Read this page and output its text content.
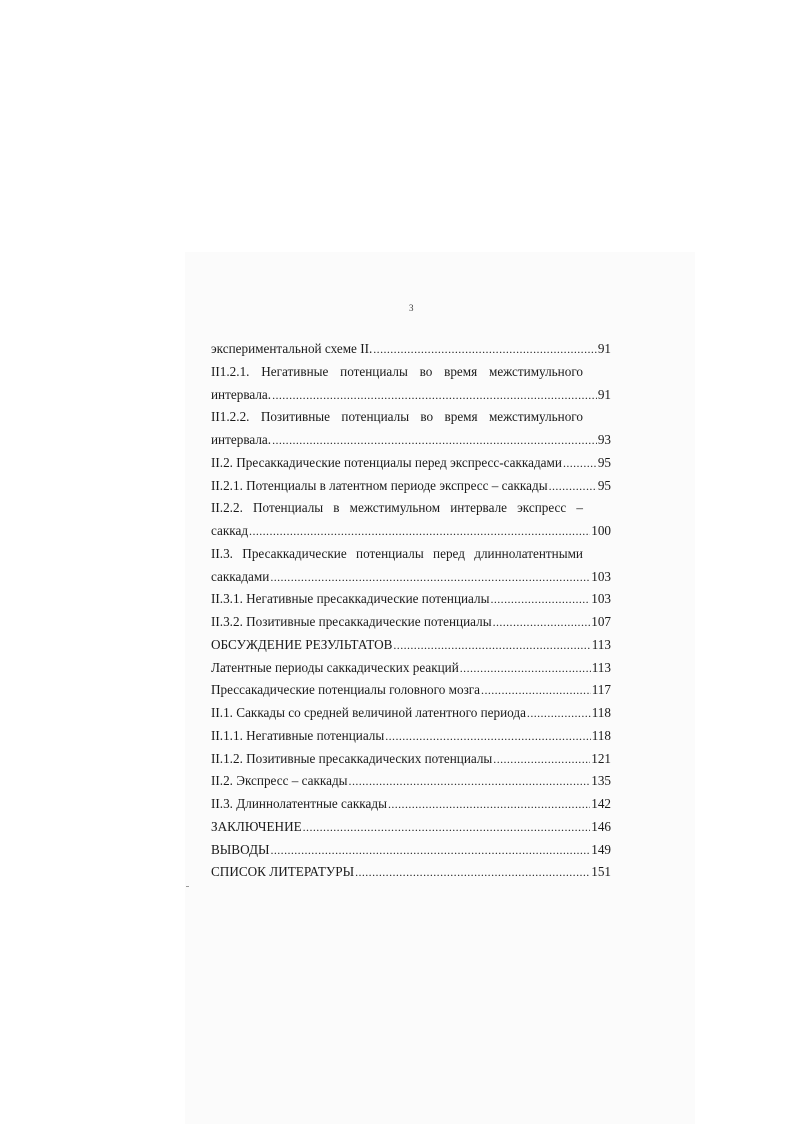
3
экспериментальной схеме II. .....	91
II1.2.1. Негативные потенциалы во время межстимульного
интервала. .....	91
II1.2.2. Позитивные потенциалы во время межстимульного
интервала. .....	93
II.2. Пресаккадические потенциалы перед экспресс-саккадами .....	95
II.2.1. Потенциалы в латентном периоде экспресс – саккады .....	95
II.2.2. Потенциалы в межстимульном интервале экспресс –
саккад .....	100
II.3. Пресаккадические потенциалы перед длиннолатентными
саккадами .....	103
II.3.1. Негативные пресаккадические потенциалы .....	103
II.3.2. Позитивные пресаккадические потенциалы .....	107
ОБСУЖДЕНИЕ РЕЗУЛЬТАТОВ .....	113
Латентные периоды саккадических реакций .....	113
Прессакадические потенциалы головного мозга .....	117
II.1. Саккады со средней величиной латентного периода .....	118
II.1.1. Негативные потенциалы .....	118
II.1.2. Позитивные пресаккадических потенциалы .....	121
II.2. Экспресс – саккады .....	135
II.3. Длиннолатентные саккады .....	142
ЗАКЛЮЧЕНИЕ .....	146
ВЫВОДЫ .....	149
СПИСОК ЛИТЕРАТУРЫ .....	151
